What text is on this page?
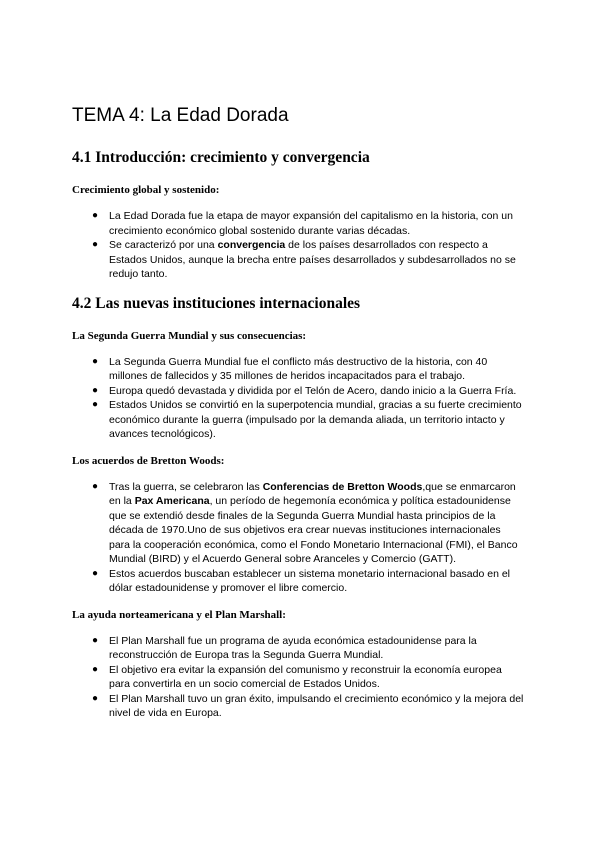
TEMA 4: La Edad Dorada
4.1 Introducción: crecimiento y convergencia
Crecimiento global y sostenido:
● La Edad Dorada fue la etapa de mayor expansión del capitalismo en la historia, con un crecimiento económico global sostenido durante varias décadas.
● Se caracterizó por una convergencia de los países desarrollados con respecto a Estados Unidos, aunque la brecha entre países desarrollados y subdesarrollados no se redujo tanto.
4.2 Las nuevas instituciones internacionales
La Segunda Guerra Mundial y sus consecuencias:
● La Segunda Guerra Mundial fue el conflicto más destructivo de la historia, con 40 millones de fallecidos y 35 millones de heridos incapacitados para el trabajo.
● Europa quedó devastada y dividida por el Telón de Acero, dando inicio a la Guerra Fría.
● Estados Unidos se convirtió en la superpotencia mundial, gracias a su fuerte crecimiento económico durante la guerra (impulsado por la demanda aliada, un territorio intacto y avances tecnológicos).
Los acuerdos de Bretton Woods:
● Tras la guerra, se celebraron las Conferencias de Bretton Woods,que se enmarcaron en la Pax Americana, un período de hegemonía económica y política estadounidense que se extendió desde finales de la Segunda Guerra Mundial hasta principios de la década de 1970.Uno de sus objetivos era crear nuevas instituciones internacionales para la cooperación económica, como el Fondo Monetario Internacional (FMI), el Banco Mundial (BIRD) y el Acuerdo General sobre Aranceles y Comercio (GATT).
● Estos acuerdos buscaban establecer un sistema monetario internacional basado en el dólar estadounidense y promover el libre comercio.
La ayuda norteamericana y el Plan Marshall:
● El Plan Marshall fue un programa de ayuda económica estadounidense para la reconstrucción de Europa tras la Segunda Guerra Mundial.
● El objetivo era evitar la expansión del comunismo y reconstruir la economía europea para convertirla en un socio comercial de Estados Unidos.
● El Plan Marshall tuvo un gran éxito, impulsando el crecimiento económico y la mejora del nivel de vida en Europa.
